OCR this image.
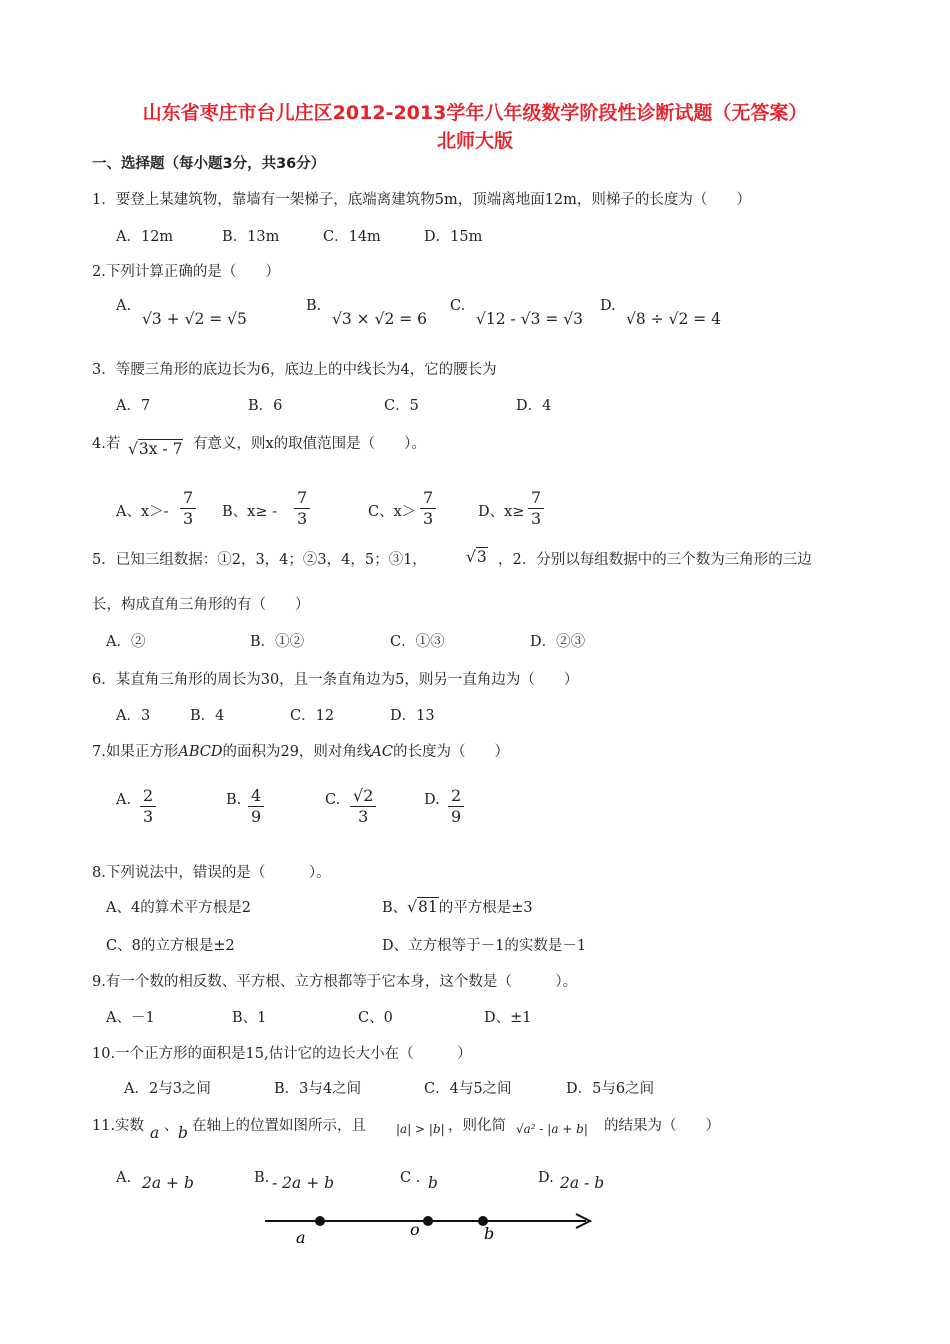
山东省枣庄市台儿庄区2012-2013学年八年级数学阶段性诊断试题（无答案）
北师大版
一、选择题（每小题3分，共36分）
1．要登上某建筑物，靠墙有一架梯子，底端离建筑物5m，顶端离地面12m，则梯子的长度为（　　）
A．12m	B．13m	C．14m	D．15m
2.下列计算正确的是（　　）
A.
√3 + √2 = √5
B.
√3 × √2 = 6
C.
√12 - √3 = √3
D.
√8 ÷ √2 = 4
3．等腰三角形的底边长为6，底边上的中线长为4，它的腰长为
A．7	B．6	C．5	D．4
4.若 √3x - 7 有意义，则x的取值范围是（　　）。
A、$x>- \frac{7}{3}$ B、$x\ge - \frac{7}{3}$	C、$x> \frac{7}{3}$	D、$x\ge \frac{7}{3}$
5．已知三组数据：①2，3，4；②3，4，5；③1，	√3 ，2．分别以每组数据中的三个数为三角形的三边
长，构成直角三角形的有（　　）
A．②	B．①②	C．①③	D．②③
6．某直角三角形的周长为30，且一条直角边为5，则另一直角边为（　　）
A．3	B．4	C．12	D．13
7.如果正方形ABCD的面积为29，则对角线AC的长度为（　　）
A. $\frac{2}{3}$	B. $\frac{4}{9}$	C. $\frac{√2}{3}$	D. $\frac{2}{9}$
8.下列说法中，错误的是（　　　）。
A、4的算术平方根是2	B、√81的平方根是±3
C、8的立方根是±2	D、立方根等于－1的实数是－1
9.有一个数的相反数、平方根、立方根都等于它本身，这个数是（　　　）。
A、－1	B、1	C、0	D、±1
10.一个正方形的面积是15,估计它的边长大小在（　　　）
A．2与3之间	B．3与4之间	C．4与5之间	D．5与6之间
11.实数 a 、 b 在轴上的位置如图所示，且	|a| > |b| ，则化简 √a² - |a + b| 的结果为（　　）
A. 2a + b	B. - 2a + b	C . b	D. 2a - b
a	o	b
